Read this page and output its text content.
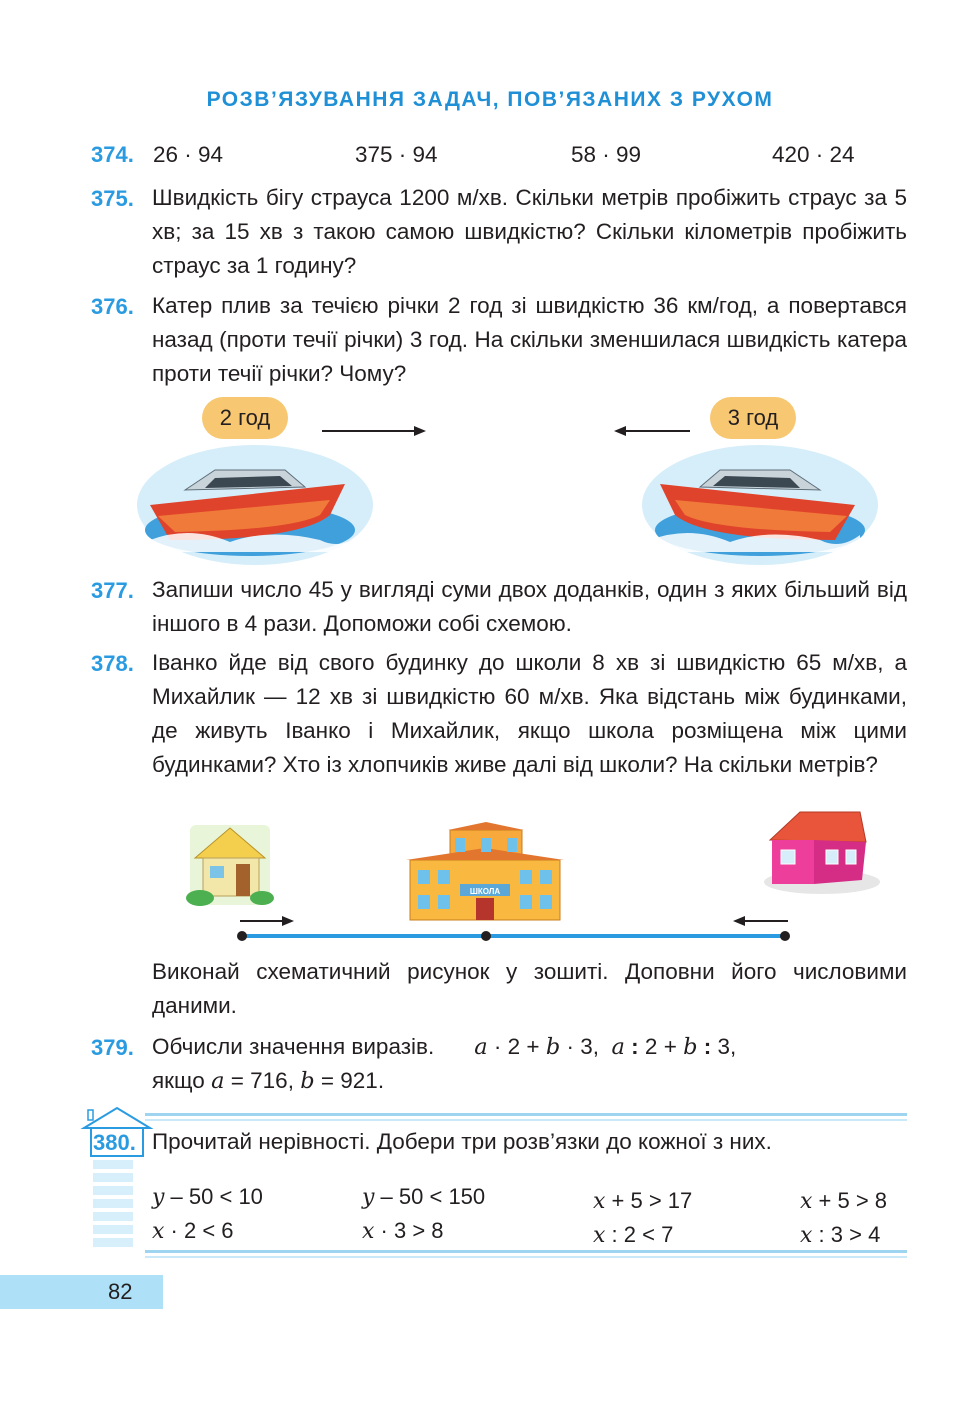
РОЗВ’ЯЗУВАННЯ ЗАДАЧ, ПОВ’ЯЗАНИХ З РУХОМ
374. 26 · 94	375 · 94	58 · 99	420 · 24
375. Швидкість бігу страуса 1200 м/хв. Скільки метрів пробіжить страус за 5 хв; за 15 хв з такою самою швидкістю? Скільки кілометрів пробіжить страус за 1 годину?
376. Катер плив за течією річки 2 год зі швидкістю 36 км/год, а повертався назад (проти течії річки) 3 год. На скільки зменшилася швидкість катера проти течії річки? Чому?
2 год	3 год
377. Запиши число 45 у вигляді суми двох доданків, один з яких більший від іншого в 4 рази. Допоможи собі схемою.
378. Іванко йде від свого будинку до школи 8 хв зі швидкістю 65 м/хв, а Михайлик — 12 хв зі швидкістю 60 м/хв. Яка відстань між будинками, де живуть Іванко і Михайлик, якщо школа розміщена між цими будинками? Хто із хлопчиків живе далі від школи? На скільки метрів?
ШКОЛА
Виконай схематичний рисунок у зошиті. Доповни його числовими даними.
379. Обчисли значення виразів. a · 2 + b · 3,  a : 2 + b : 3,
якщо a = 716, b = 921.
380. Прочитай нерівності. Добери три розв’язки до кожної з них.
y – 50 < 10
x · 2 < 6
y – 50 < 150
x · 3 > 8
x + 5 > 17
x : 2 < 7
x + 5 > 8
x : 3 > 4
82
